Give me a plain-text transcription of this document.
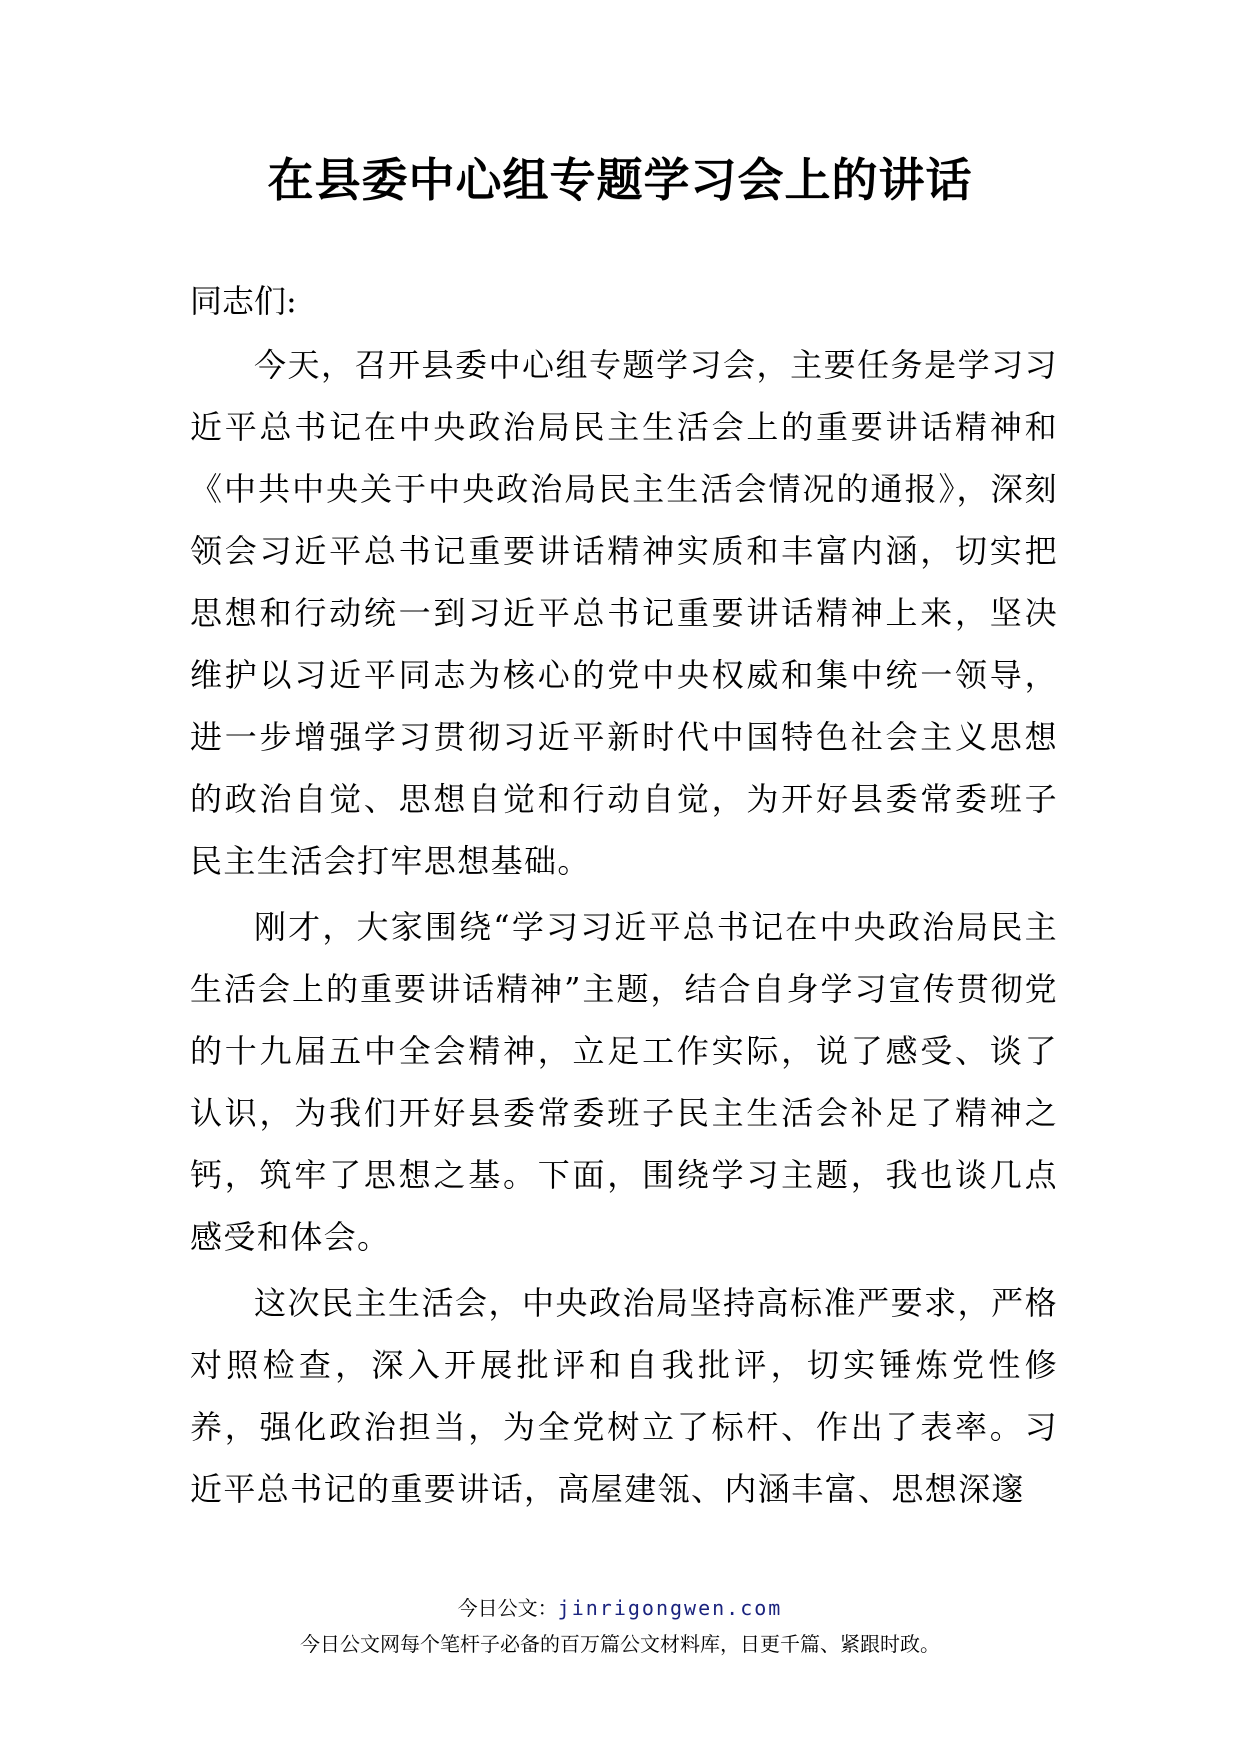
在县委中心组专题学习会上的讲话

同志们:

今天，召开县委中心组专题学习会，主要任务是学习习近平总书记在中央政治局民主生活会上的重要讲话精神和《中共中央关于中央政治局民主生活会情况的通报》，深刻领会习近平总书记重要讲话精神实质和丰富内涵，切实把思想和行动统一到习近平总书记重要讲话精神上来，坚决维护以习近平同志为核心的党中央权威和集中统一领导，进一步增强学习贯彻习近平新时代中国特色社会主义思想的政治自觉、思想自觉和行动自觉，为开好县委常委班子民主生活会打牢思想基础。

刚才，大家围绕“学习习近平总书记在中央政治局民主生活会上的重要讲话精神”主题，结合自身学习宣传贯彻党的十九届五中全会精神，立足工作实际，说了感受、谈了认识，为我们开好县委常委班子民主生活会补足了精神之钙，筑牢了思想之基。下面，围绕学习主题，我也谈几点感受和体会。

这次民主生活会，中央政治局坚持高标准严要求，严格对照检查，深入开展批评和自我批评，切实锤炼党性修养，强化政治担当，为全党树立了标杆、作出了表率。习近平总书记的重要讲话，高屋建瓴、内涵丰富、思想深邃

今日公文：jinrigongwen.com
今日公文网每个笔杆子必备的百万篇公文材料库，日更千篇、紧跟时政。
